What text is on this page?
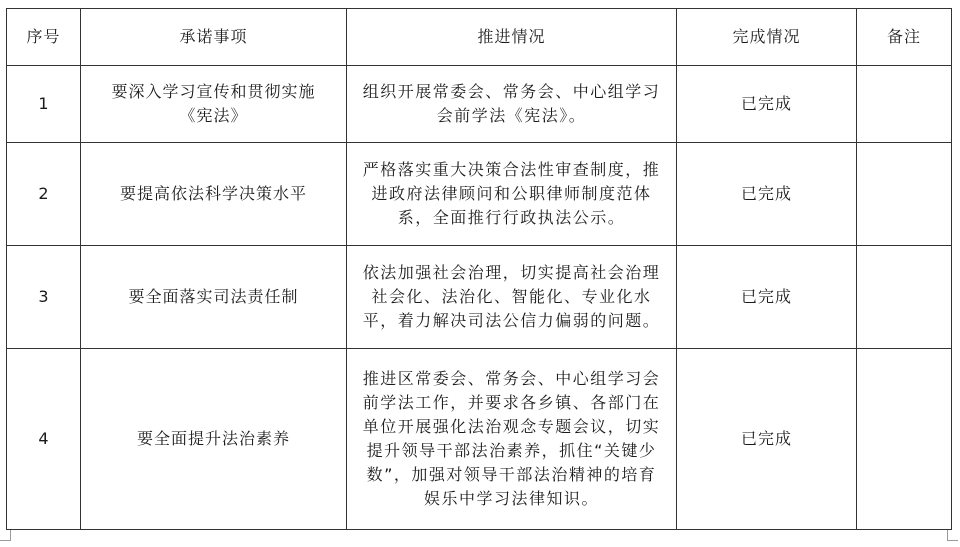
序号	承诺事项	推进情况	完成情况	备注
1	要深入学习宣传和贯彻实施《宪法》	组织开展常委会、常务会、中心组学习会前学法《宪法》。	已完成	
2	要提高依法科学决策水平	严格落实重大决策合法性审查制度，推进政府法律顾问和公职律师制度范体系，全面推行行政执法公示。	已完成	
3	要全面落实司法责任制	依法加强社会治理，切实提高社会治理社会化、法治化、智能化、专业化水平，着力解决司法公信力偏弱的问题。	已完成	
4	要全面提升法治素养	推进区常委会、常务会、中心组学习会前学法工作，并要求各乡镇、各部门在单位开展强化法治观念专题会议，切实提升领导干部法治素养，抓住“关键少数”，加强对领导干部法治精神的培育娱乐中学习法律知识。	已完成	
